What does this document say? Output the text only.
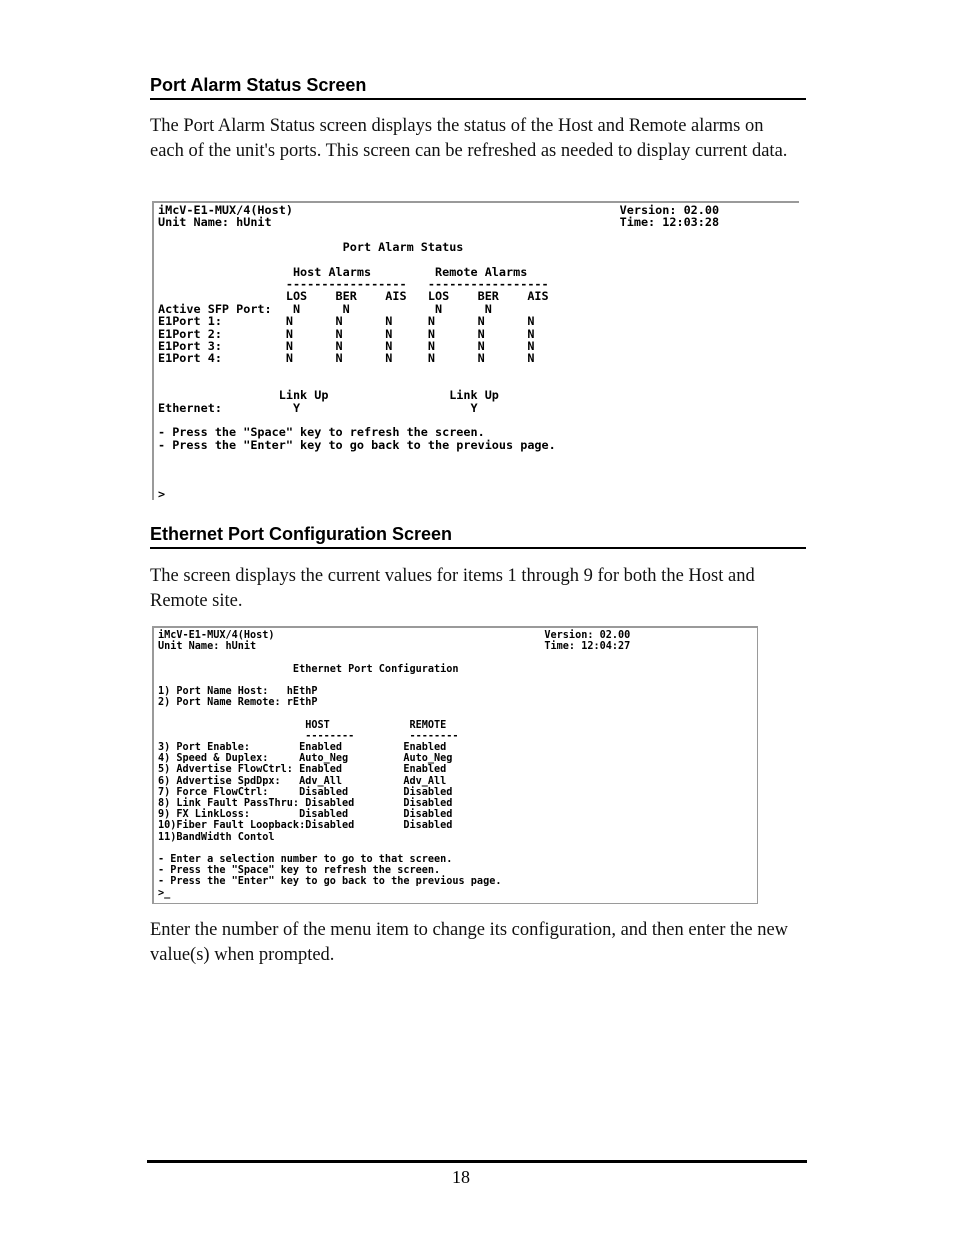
Port Alarm Status Screen

The Port Alarm Status screen displays the status of the Host and Remote alarms on each of the unit's ports. This screen can be refreshed as needed to display current data.

iMcV-E1-MUX/4(Host)                                              Version: 02.00
Unit Name: hUnit                                                 Time: 12:03:28
Port Alarm Status
Host Alarms         Remote Alarms
-----------------   -----------------
LOS    BER    AIS   LOS    BER    AIS
Active SFP Port:   N      N            N      N
E1Port 1:         N      N      N     N      N      N
E1Port 2:         N      N      N     N      N      N
E1Port 3:         N      N      N     N      N      N
E1Port 4:         N      N      N     N      N      N
Link Up                 Link Up
Ethernet:          Y                        Y
- Press the "Space" key to refresh the screen.
- Press the "Enter" key to go back to the previous page.
>
Ethernet Port Configuration Screen

The screen displays the current values for items 1 through 9 for both the Host and Remote site.

iMcV-E1-MUX/4(Host)                                            Version: 02.00
Unit Name: hUnit                                               Time: 12:04:27
Ethernet Port Configuration
1) Port Name Host:   hEthP
2) Port Name Remote: rEthP
HOST             REMOTE
--------         --------
3) Port Enable:        Enabled          Enabled
4) Speed & Duplex:     Auto_Neg         Auto_Neg
5) Advertise FlowCtrl: Enabled          Enabled
6) Advertise SpdDpx:   Adv_All          Adv_All
7) Force FlowCtrl:     Disabled         Disabled
8) Link Fault PassThru: Disabled        Disabled
9) FX LinkLoss:        Disabled         Disabled
10)Fiber Fault Loopback:Disabled        Disabled
11)BandWidth Contol
- Enter a selection number to go to that screen.
- Press the "Space" key to refresh the screen.
- Press the "Enter" key to go back to the previous page.
>_

Enter the number of the menu item to change its configuration, and then enter the new value(s) when prompted.

18
